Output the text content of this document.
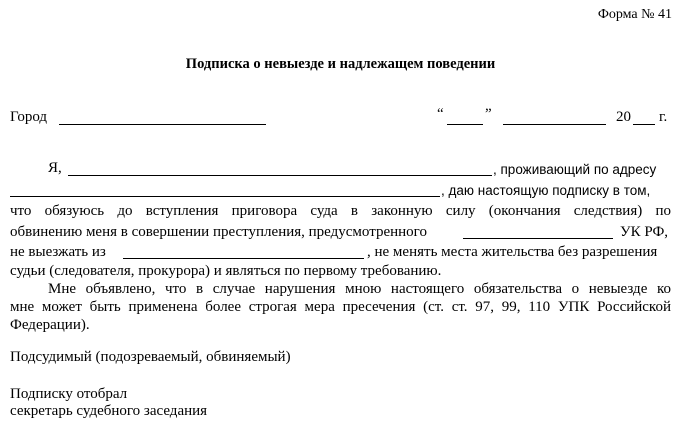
Форма № 41
Подписка о невыезде и надлежащем поведении
Город	“	”	20 г.
Я,	, проживающий по адресу
, даю настоящую подписку в том,
что обязуюсь до вступления приговора суда в законную силу (окончания следствия) по
обвинению меня в совершении преступления, предусмотренного	УК РФ,
не выезжать из	, не менять места жительства без разрешения
судьи (следователя, прокурора) и являться по первому требованию.
Мне объявлено, что в случае нарушения мною настоящего обязательства о невыезде ко
мне может быть применена более строгая мера пресечения (ст. ст. 97, 99, 110 УПК Российской
Федерации).
Подсудимый (подозреваемый, обвиняемый)
Подписку отобрал
секретарь судебного заседания
